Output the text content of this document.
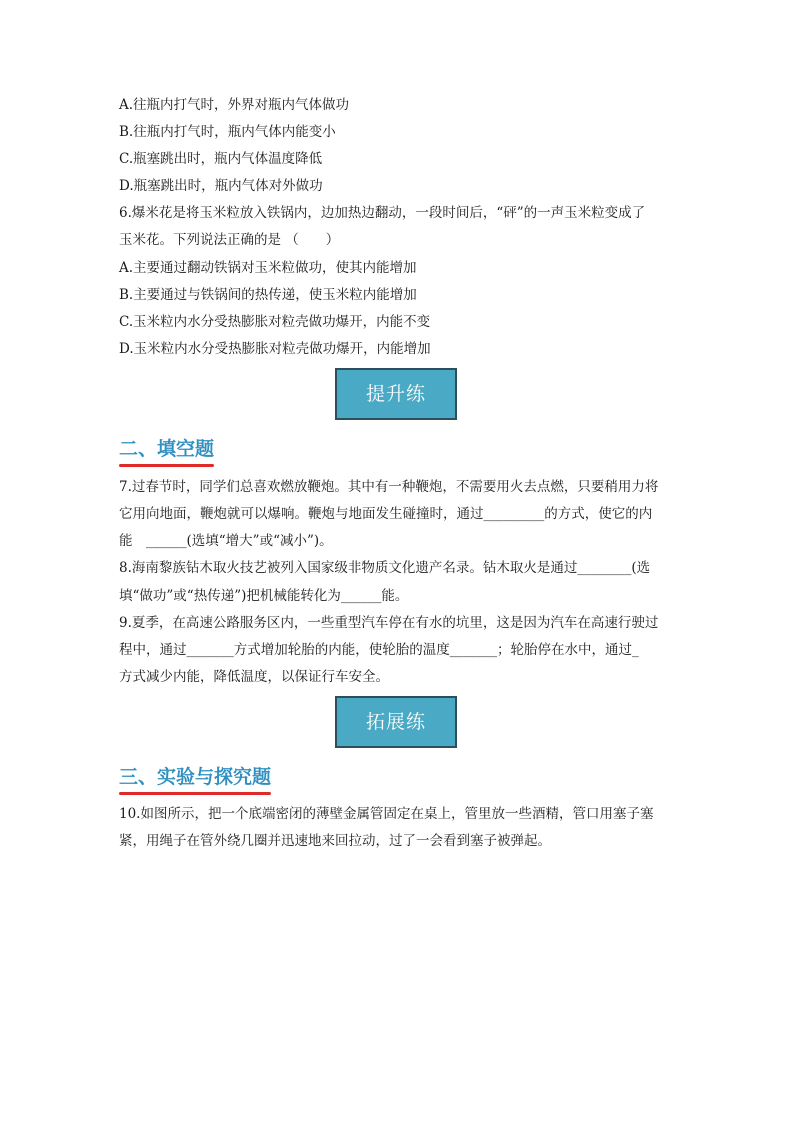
A.往瓶内打气时，外界对瓶内气体做功
B.往瓶内打气时，瓶内气体内能变小
C.瓶塞跳出时，瓶内气体温度降低
D.瓶塞跳出时，瓶内气体对外做功
6.爆米花是将玉米粒放入铁锅内，边加热边翻动，一段时间后，“砰”的一声玉米粒变成了
玉米花。下列说法正确的是 （　　）
A.主要通过翻动铁锅对玉米粒做功，使其内能增加
B.主要通过与铁锅间的热传递，使玉米粒内能增加
C.玉米粒内水分受热膨胀对粒壳做功爆开，内能不变
D.玉米粒内水分受热膨胀对粒壳做功爆开，内能增加
提升练
二、填空题
7.过春节时，同学们总喜欢燃放鞭炮。其中有一种鞭炮，不需要用火去点燃，只要稍用力将
它用向地面，鞭炮就可以爆响。鞭炮与地面发生碰撞时，通过_________的方式，使它的内
能　______(选填“增大”或“减小”)。
8.海南黎族钻木取火技艺被列入国家级非物质文化遗产名录。钻木取火是通过________(选
填“做功”或“热传递”)把机械能转化为______能。
9.夏季，在高速公路服务区内，一些重型汽车停在有水的坑里，这是因为汽车在高速行驶过
程中，通过_______方式增加轮胎的内能，使轮胎的温度_______；轮胎停在水中，通过_
方式减少内能，降低温度，以保证行车安全。
拓展练
三、实验与探究题
10.如图所示，把一个底端密闭的薄壁金属管固定在桌上，管里放一些酒精，管口用塞子塞
紧，用绳子在管外绕几圈并迅速地来回拉动，过了一会看到塞子被弹起。
